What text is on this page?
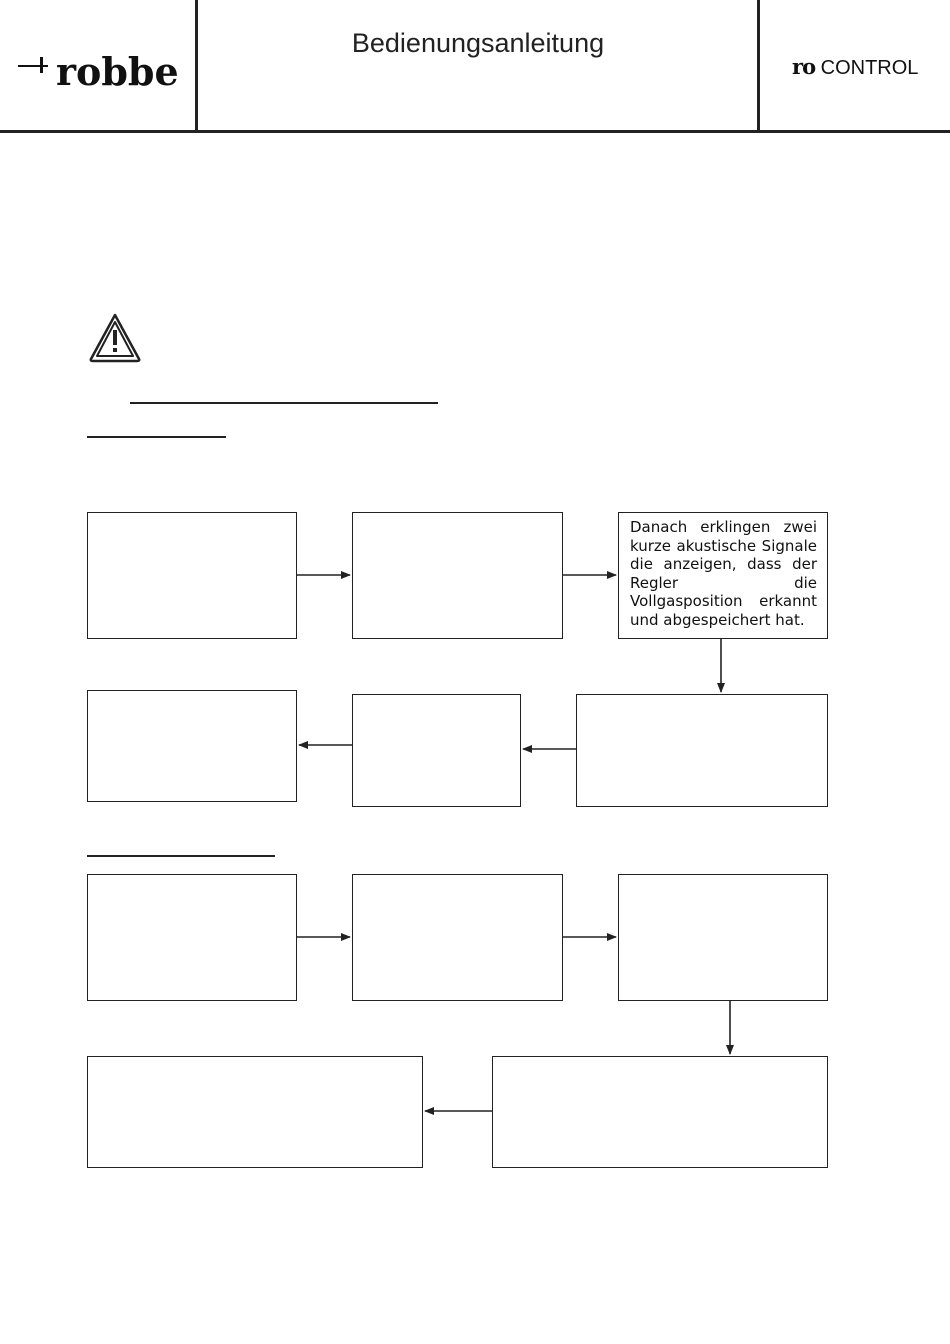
robbe
Bedienungsanleitung
ro CONTROL
Danach erklingen zwei kurze akustische Signale die anzeigen, dass der Regler die Vollgasposition erkannt und abgespeichert hat.
